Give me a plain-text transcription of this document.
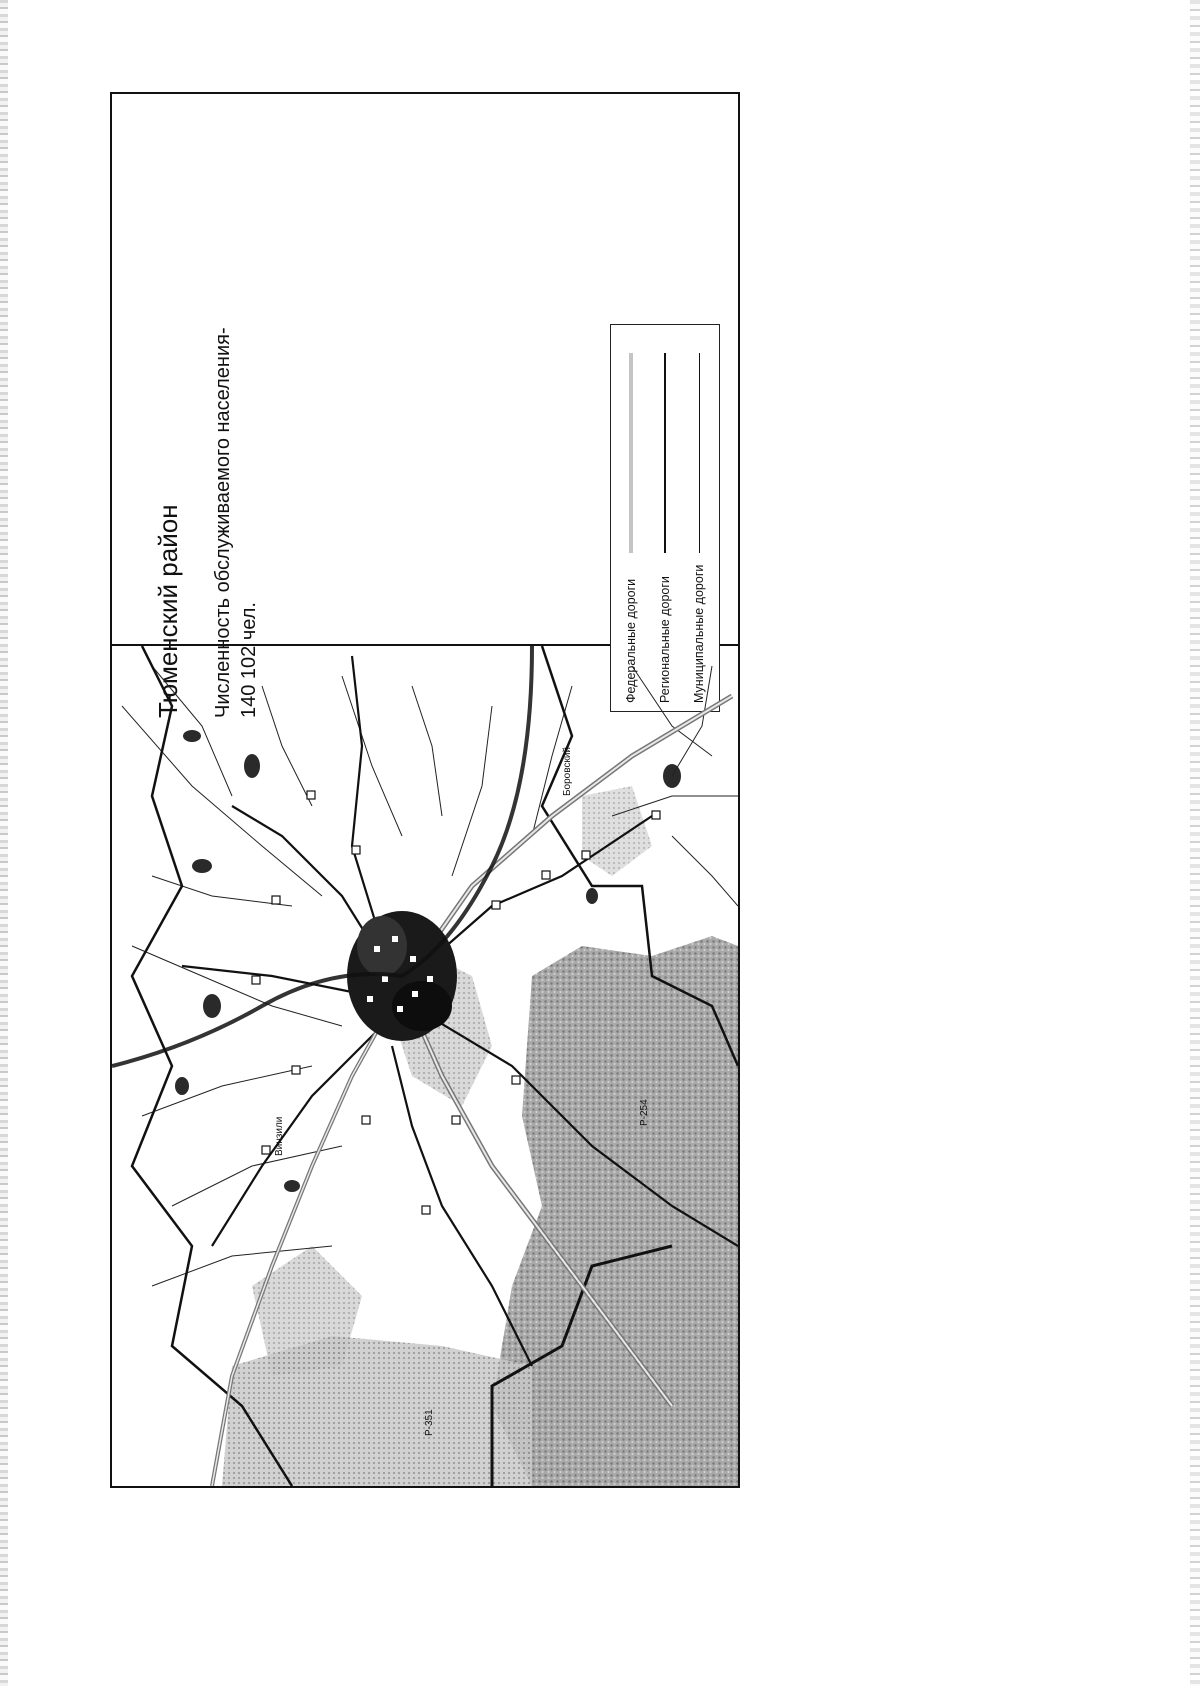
Тюменский район Численность обслуживаемого населения-
140 102 чел.	Федеральные дороги Региональные дороги Муниципальные дороги
Р-351
Р-254
Боровский
Винзили
